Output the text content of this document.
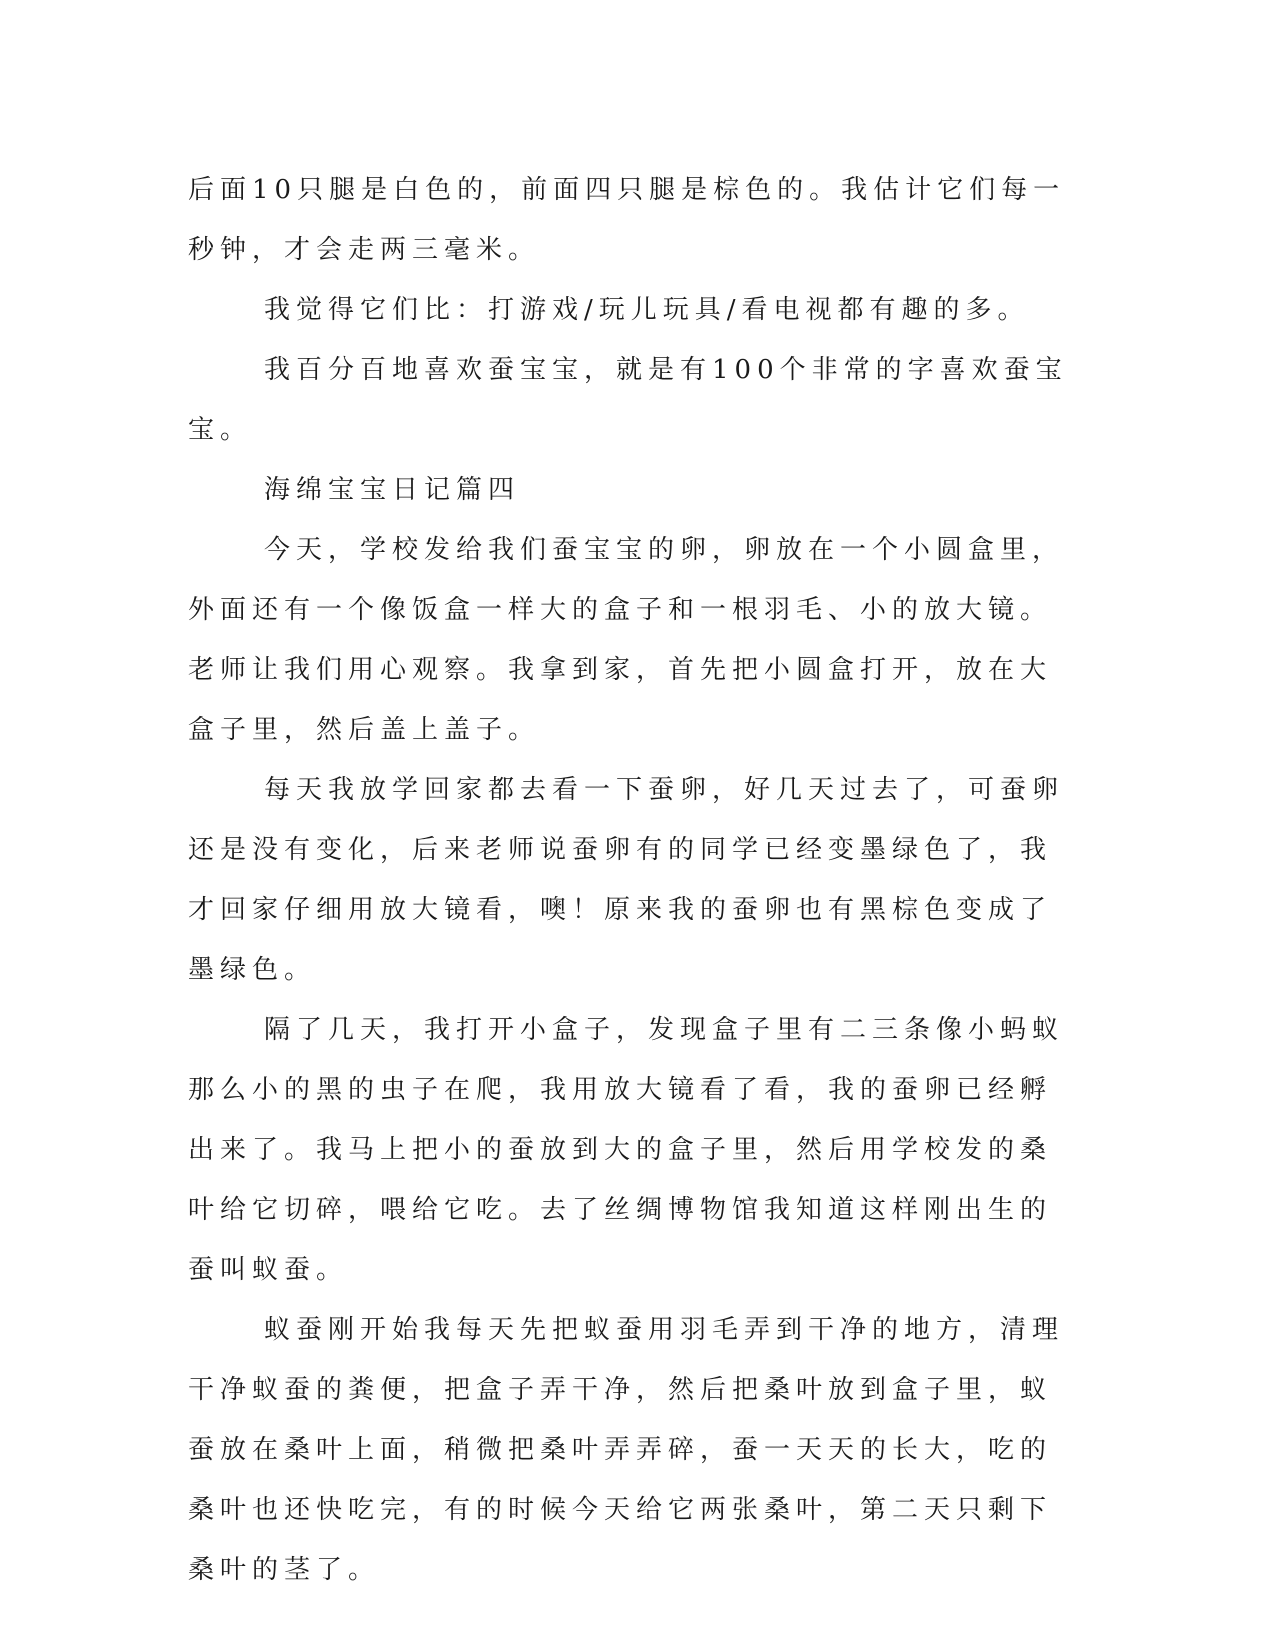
后面10只腿是白色的，前面四只腿是棕色的。我估计它们每一秒钟，才会走两三毫米。

我觉得它们比：打游戏/玩儿玩具/看电视都有趣的多。

我百分百地喜欢蚕宝宝，就是有100个非常的字喜欢蚕宝宝。

海绵宝宝日记篇四

今天，学校发给我们蚕宝宝的卵，卵放在一个小圆盒里，外面还有一个像饭盒一样大的盒子和一根羽毛、小的放大镜。老师让我们用心观察。我拿到家，首先把小圆盒打开，放在大盒子里，然后盖上盖子。

每天我放学回家都去看一下蚕卵，好几天过去了，可蚕卵还是没有变化，后来老师说蚕卵有的同学已经变墨绿色了，我才回家仔细用放大镜看，噢！原来我的蚕卵也有黑棕色变成了墨绿色。

隔了几天，我打开小盒子，发现盒子里有二三条像小蚂蚁那么小的黑的虫子在爬，我用放大镜看了看，我的蚕卵已经孵出来了。我马上把小的蚕放到大的盒子里，然后用学校发的桑叶给它切碎，喂给它吃。去了丝绸博物馆我知道这样刚出生的蚕叫蚁蚕。

蚁蚕刚开始我每天先把蚁蚕用羽毛弄到干净的地方，清理干净蚁蚕的粪便，把盒子弄干净，然后把桑叶放到盒子里，蚁蚕放在桑叶上面，稍微把桑叶弄弄碎，蚕一天天的长大，吃的桑叶也还快吃完，有的时候今天给它两张桑叶，第二天只剩下桑叶的茎了。
